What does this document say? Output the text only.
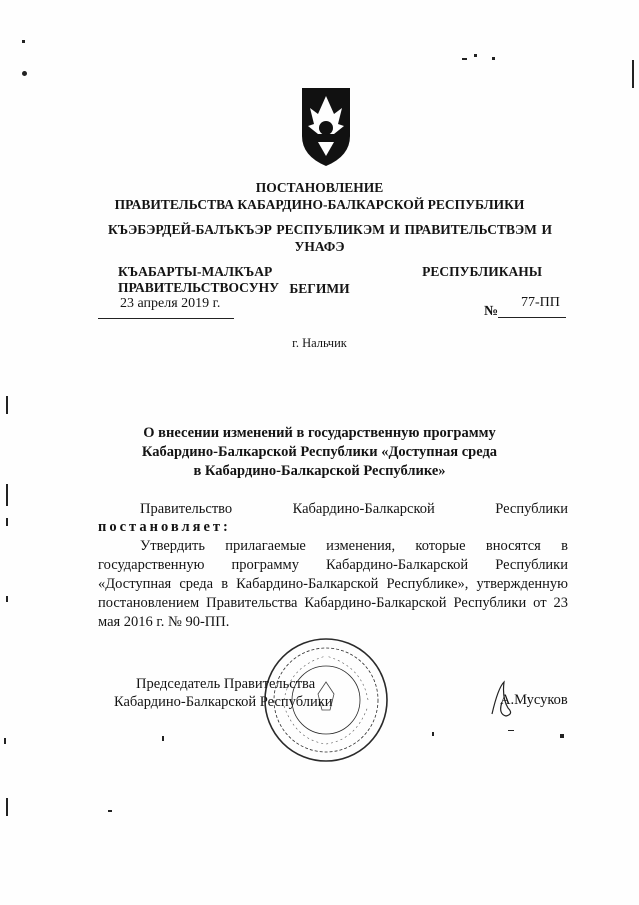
ПОСТАНОВЛЕНИЕ
ПРАВИТЕЛЬСТВА КАБАРДИНО-БАЛКАРСКОЙ РЕСПУБЛИКИ
КЪЭБЭРДЕЙ-БАЛЪКЪЭР РЕСПУБЛИКЭМ И ПРАВИТЕЛЬСТВЭМ И
УНАФЭ
КЪАБАРТЫ-МАЛКЪАР РЕСПУБЛИКАНЫ ПРАВИТЕЛЬСТВОСУНУ БЕГИМИ
23 апреля 2019 г.
№
77-ПП
г. Нальчик
О внесении изменений в государственную программу
Кабардино-Балкарской Республики «Доступная среда
в Кабардино-Балкарской Республике»
Правительство	Кабардино-Балкарской	Республики
постановляет:
Утвердить прилагаемые изменения, которые вносятся в государственную программу Кабардино-Балкарской Республики «Доступная среда в Кабардино-Балкарской Республике», утвержденную постановлением Правительства Кабардино-Балкарской Республики от 23 мая 2016 г. № 90-ПП.
Председатель Правительства
Кабардино-Балкарской Республики	А.Мусуков
